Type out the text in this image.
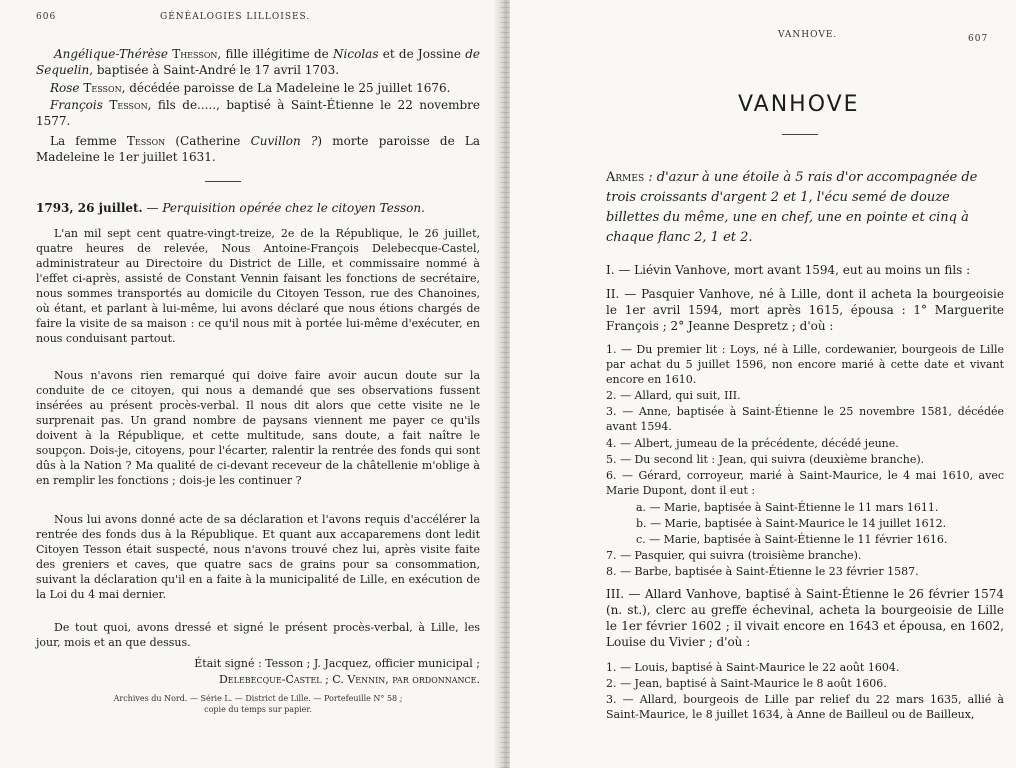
606	GÉNÉALOGIES LILLOISES.

Angélique-Thérèse Thesson, fille illégitime de Nicolas et de Jossine de Sequelin, baptisée à Saint-André le 17 avril 1703.

Rose Tesson, décédée paroisse de La Madeleine le 25 juillet 1676.

François Tesson, fils de....., baptisé à Saint-Étienne le 22 novembre 1577.

La femme Tesson (Catherine Cuvillon ?) morte paroisse de La Madeleine le 1er juillet 1631.

1793, 26 juillet. — Perquisition opérée chez le citoyen Tesson.

L'an mil sept cent quatre-vingt-treize, 2e de la République, le 26 juillet, quatre heures de relevée, Nous Antoine-François Delebecque-Castel, administrateur au Directoire du District de Lille, et commissaire nommé à l'effet ci-après, assisté de Constant Vennin faisant les fonctions de secrétaire, nous sommes transportés au domicile du Citoyen Tesson, rue des Chanoines, où étant, et parlant à lui-même, lui avons déclaré que nous étions chargés de faire la visite de sa maison : ce qu'il nous mit à portée lui-même d'exécuter, en nous conduisant partout.

Nous n'avons rien remarqué qui doive faire avoir aucun doute sur la conduite de ce citoyen, qui nous a demandé que ses observations fussent insérées au présent procès-verbal. Il nous dit alors que cette visite ne le surprenait pas. Un grand nombre de paysans viennent me payer ce qu'ils doivent à la République, et cette multitude, sans doute, a fait naître le soupçon. Dois-je, citoyens, pour l'écarter, ralentir la rentrée des fonds qui sont dûs à la Nation ? Ma qualité de ci-devant receveur de la châtellenie m'oblige à en remplir les fonctions ; dois-je les continuer ?

Nous lui avons donné acte de sa déclaration et l'avons requis d'accélérer la rentrée des fonds dus à la République. Et quant aux accaparemens dont ledit Citoyen Tesson était suspecté, nous n'avons trouvé chez lui, après visite faite des greniers et caves, que quatre sacs de grains pour sa consommation, suivant la déclaration qu'il en a faite à la municipalité de Lille, en exécution de la Loi du 4 mai dernier.

De tout quoi, avons dressé et signé le présent procès-verbal, à Lille, les jour, mois et an que dessus.

Était signé : Tesson ; J. Jacquez, officier municipal ;

Delebecque-Castel ; C. Vennin, par ordonnance.

Archives du Nord. — Série L. — District de Lille. — Portefeuille N° 58 ;

copie du temps sur papier.

VANHOVE.	607
VANHOVE

Armes : d'azur à une étoile à 5 rais d'or accompagnée de trois croissants d'argent 2 et 1, l'écu semé de douze billettes du même, une en chef, une en pointe et cinq à chaque flanc 2, 1 et 2.

I. — Liévin Vanhove, mort avant 1594, eut au moins un fils :

II. — Pasquier Vanhove, né à Lille, dont il acheta la bourgeoisie le 1er avril 1594, mort après 1615, épousa : 1° Marguerite François ; 2° Jeanne Despretz ; d'où :

1. — Du premier lit : Loys, né à Lille, cordewanier, bourgeois de Lille par achat du 5 juillet 1596, non encore marié à cette date et vivant encore en 1610.

2. — Allard, qui suit, III.

3. — Anne, baptisée à Saint-Étienne le 25 novembre 1581, décédée avant 1594.

4. — Albert, jumeau de la précédente, décédé jeune.

5. — Du second lit : Jean, qui suivra (deuxième branche).

6. — Gérard, corroyeur, marié à Saint-Maurice, le 4 mai 1610, avec Marie Dupont, dont il eut :

a. — Marie, baptisée à Saint-Étienne le 11 mars 1611.

b. — Marie, baptisée à Saint-Maurice le 14 juillet 1612.

c. — Marie, baptisée à Saint-Étienne le 11 février 1616.

7. — Pasquier, qui suivra (troisième branche).

8. — Barbe, baptisée à Saint-Étienne le 23 février 1587.

III. — Allard Vanhove, baptisé à Saint-Étienne le 26 février 1574 (n. st.), clerc au greffe échevinal, acheta la bourgeoisie de Lille le 1er février 1602 ; il vivait encore en 1643 et épousa, en 1602, Louise du Vivier ; d'où :

1. — Louis, baptisé à Saint-Maurice le 22 août 1604.

2. — Jean, baptisé à Saint-Maurice le 8 août 1606.

3. — Allard, bourgeois de Lille par relief du 22 mars 1635, allié à Saint-Maurice, le 8 juillet 1634, à Anne de Bailleul ou de Bailleux,
